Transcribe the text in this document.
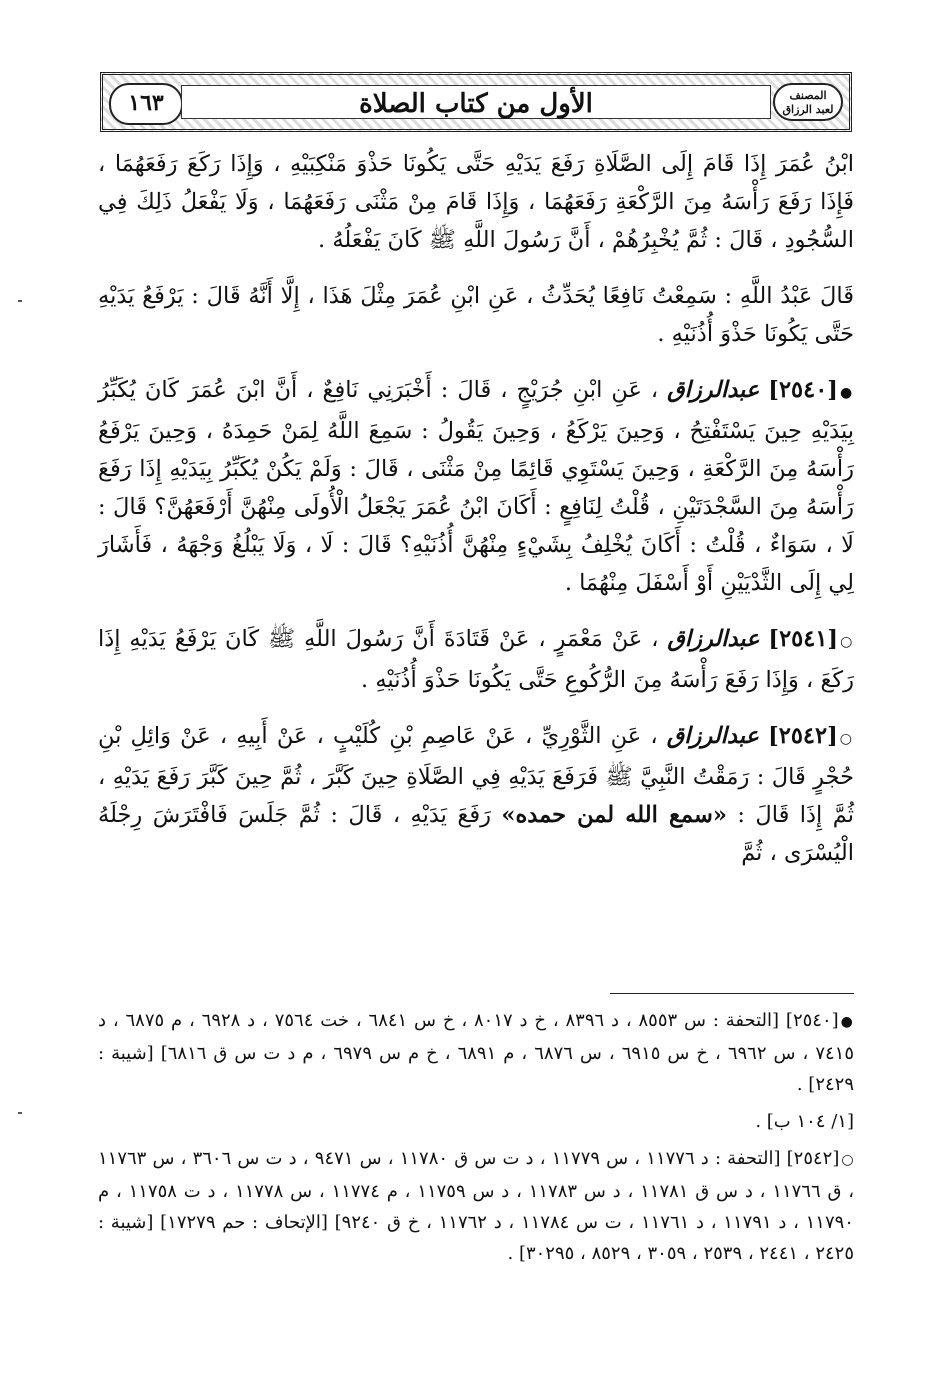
١٦٣	الأول من كتاب الصلاة	المصنف
لعبد الرزاق

ابْنُ عُمَرَ إِذَا قَامَ إِلَى الصَّلَاةِ رَفَعَ يَدَيْهِ حَتَّى يَكُونَا حَذْوَ مَنْكِبَيْهِ ، وَإِذَا رَكَعَ رَفَعَهُمَا ، فَإِذَا رَفَعَ رَأْسَهُ مِنَ الرَّكْعَةِ رَفَعَهُمَا ، وَإِذَا قَامَ مِنْ مَثْنَى رَفَعَهُمَا ، وَلَا يَفْعَلُ ذَلِكَ فِي السُّجُودِ ، قَالَ : ثُمَّ يُخْبِرُهُمْ ، أَنَّ رَسُولَ اللَّهِ ﷺ كَانَ يَفْعَلُهُ .

قَالَ عَبْدُ اللَّهِ : سَمِعْتُ نَافِعًا يُحَدِّثُ ، عَنِ ابْنِ عُمَرَ مِثْلَ هَذَا ، إِلَّا أَنَّهُ قَالَ : يَرْفَعُ يَدَيْهِ حَتَّى يَكُونَا حَذْوَ أُذُنَيْهِ .

● [٢٥٤٠] عبدالرزاق ، عَنِ ابْنِ جُرَيْجٍ ، قَالَ : أَخْبَرَنِي نَافِعٌ ، أَنَّ ابْنَ عُمَرَ كَانَ يُكَبِّرُ بِيَدَيْهِ حِينَ يَسْتَفْتِحُ ، وَحِينَ يَرْكَعُ ، وَحِينَ يَقُولُ : سَمِعَ اللَّهُ لِمَنْ حَمِدَهُ ، وَحِينَ يَرْفَعُ رَأْسَهُ مِنَ الرَّكْعَةِ ، وَحِينَ يَسْتَوِي قَائِمًا مِنْ مَثْنَى ، قَالَ : وَلَمْ يَكُنْ يُكَبِّرُ بِيَدَيْهِ إِذَا رَفَعَ رَأْسَهُ مِنَ السَّجْدَتَيْنِ ، قُلْتُ لِنَافِعٍ : أَكَانَ ابْنُ عُمَرَ يَجْعَلُ الْأُولَى مِنْهُنَّ أَرْفَعَهُنَّ؟ قَالَ : لَا ، سَوَاءٌ ، قُلْتُ : أَكَانَ يُخْلِفُ بِشَيْءٍ مِنْهُنَّ أُذُنَيْهِ؟ قَالَ : لَا ، وَلَا يَبْلُغُ وَجْهَهُ ، فَأَشَارَ لِي إِلَى الثَّدْيَيْنِ أَوْ أَسْفَلَ مِنْهُمَا .

○ [٢٥٤١] عبدالرزاق ، عَنْ مَعْمَرٍ ، عَنْ قَتَادَةَ أَنَّ رَسُولَ اللَّهِ ﷺ كَانَ يَرْفَعُ يَدَيْهِ إِذَا رَكَعَ ، وَإِذَا رَفَعَ رَأْسَهُ مِنَ الرُّكُوعِ حَتَّى يَكُونَا حَذْوَ أُذُنَيْهِ .

○ [٢٥٤٢] عبدالرزاق ، عَنِ الثَّوْرِيِّ ، عَنْ عَاصِمِ بْنِ كُلَيْبٍ ، عَنْ أَبِيهِ ، عَنْ وَائِلِ بْنِ حُجْرٍ قَالَ : رَمَقْتُ النَّبِيَّ ﷺ فَرَفَعَ يَدَيْهِ فِي الصَّلَاةِ حِينَ كَبَّرَ ، ثُمَّ حِينَ كَبَّرَ رَفَعَ يَدَيْهِ ، ثُمَّ إِذَا قَالَ : «سمع الله لمن حمده» رَفَعَ يَدَيْهِ ، قَالَ : ثُمَّ جَلَسَ فَافْتَرَشَ رِجْلَهُ الْيُسْرَى ، ثُمَّ

● [٢٥٤٠] [التحفة : س ٨٥٥٣ ، د ٨٣٩٦ ، خ د ٨٠١٧ ، خ س ٦٨٤١ ، خت ٧٥٦٤ ، د ٦٩٢٨ ، م ٦٨٧٥ ، د ٧٤١٥ ، س ٦٩٦٢ ، خ س ٦٩١٥ ، س ٦٨٧٦ ، م ٦٨٩١ ، خ م س ٦٩٧٩ ، م د ت س ق ٦٨١٦] [شيبة : ٢٤٢٩] .

[١/ ١٠٤ ب] .

○ [٢٥٤٢] [التحفة : د ١١٧٧٦ ، س ١١٧٧٩ ، د ت س ق ١١٧٨٠ ، س ٩٤٧١ ، د ت س ٣٦٠٦ ، س ١١٧٦٣ ، ق ١١٧٦٦ ، د س ق ١١٧٨١ ، د س ١١٧٨٣ ، د س ١١٧٥٩ ، م ١١٧٧٤ ، س ١١٧٧٨ ، د ت ١١٧٥٨ ، م ١١٧٩٠ ، د ١١٧٩١ ، د ١١٧٦١ ، ت س ١١٧٨٤ ، د ١١٧٦٢ ، خ ق ٩٢٤٠] [الإتحاف : حم ١٧٢٧٩] [شيبة : ٢٤٢٥ ، ٢٤٤١ ، ٢٥٣٩ ، ٣٠٥٩ ، ٨٥٢٩ ، ٣٠٢٩٥] .
